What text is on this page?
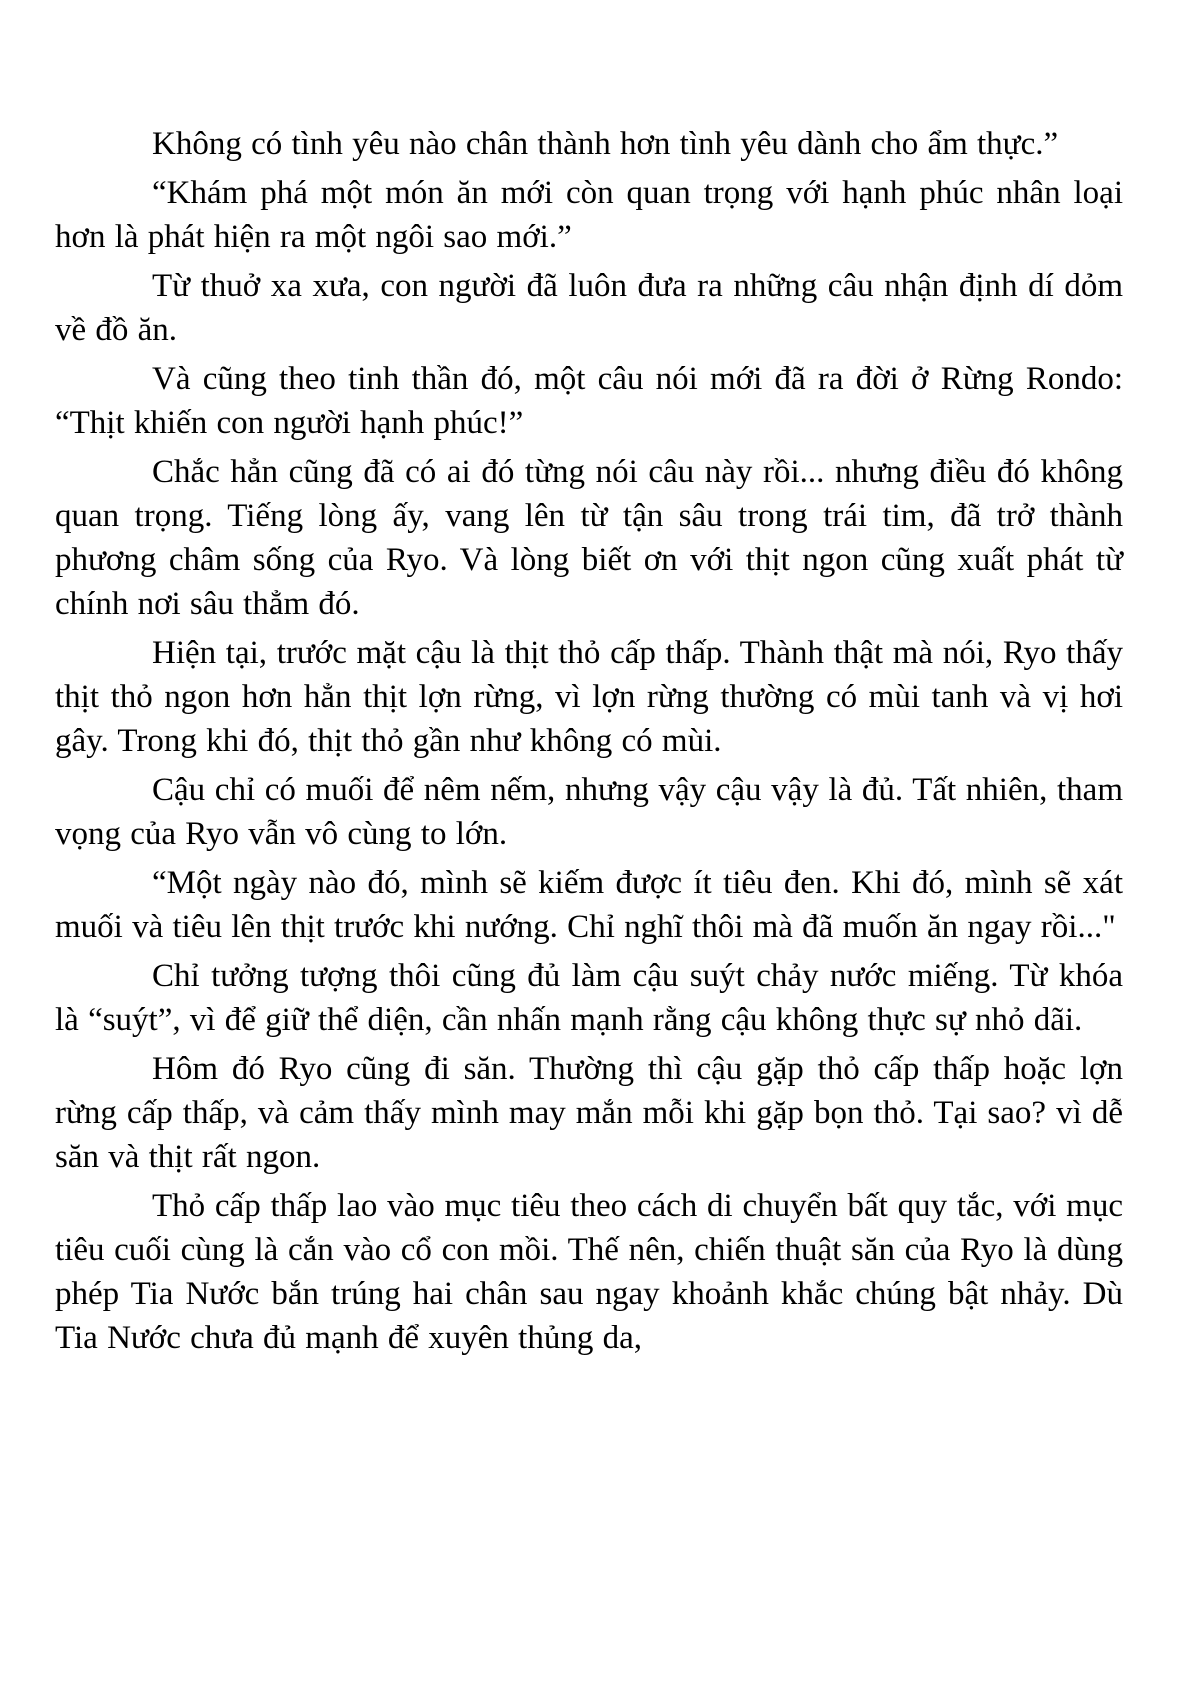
Không có tình yêu nào chân thành hơn tình yêu dành cho ẩm thực.”

“Khám phá một món ăn mới còn quan trọng với hạnh phúc nhân loại hơn là phát hiện ra một ngôi sao mới.”

Từ thuở xa xưa, con người đã luôn đưa ra những câu nhận định dí dỏm về đồ ăn.

Và cũng theo tinh thần đó, một câu nói mới đã ra đời ở Rừng Rondo: “Thịt khiến con người hạnh phúc!”

Chắc hẳn cũng đã có ai đó từng nói câu này rồi... nhưng điều đó không quan trọng. Tiếng lòng ấy, vang lên từ tận sâu trong trái tim, đã trở thành phương châm sống của Ryo. Và lòng biết ơn với thịt ngon cũng xuất phát từ chính nơi sâu thẳm đó.

Hiện tại, trước mặt cậu là thịt thỏ cấp thấp. Thành thật mà nói, Ryo thấy thịt thỏ ngon hơn hẳn thịt lợn rừng, vì lợn rừng thường có mùi tanh và vị hơi gây. Trong khi đó, thịt thỏ gần như không có mùi.

Cậu chỉ có muối để nêm nếm, nhưng vậy cậu vậy là đủ. Tất nhiên, tham vọng của Ryo vẫn vô cùng to lớn.

“Một ngày nào đó, mình sẽ kiếm được ít tiêu đen. Khi đó, mình sẽ xát muối và tiêu lên thịt trước khi nướng. Chỉ nghĩ thôi mà đã muốn ăn ngay rồi..."

Chỉ tưởng tượng thôi cũng đủ làm cậu suýt chảy nước miếng. Từ khóa là “suýt”, vì để giữ thể diện, cần nhấn mạnh rằng cậu không thực sự nhỏ dãi.

Hôm đó Ryo cũng đi săn. Thường thì cậu gặp thỏ cấp thấp hoặc lợn rừng cấp thấp, và cảm thấy mình may mắn mỗi khi gặp bọn thỏ. Tại sao? vì dễ săn và thịt rất ngon.

Thỏ cấp thấp lao vào mục tiêu theo cách di chuyển bất quy tắc, với mục tiêu cuối cùng là cắn vào cổ con mồi. Thế nên, chiến thuật săn của Ryo là dùng phép Tia Nước bắn trúng hai chân sau ngay khoảnh khắc chúng bật nhảy. Dù Tia Nước chưa đủ mạnh để xuyên thủng da,
